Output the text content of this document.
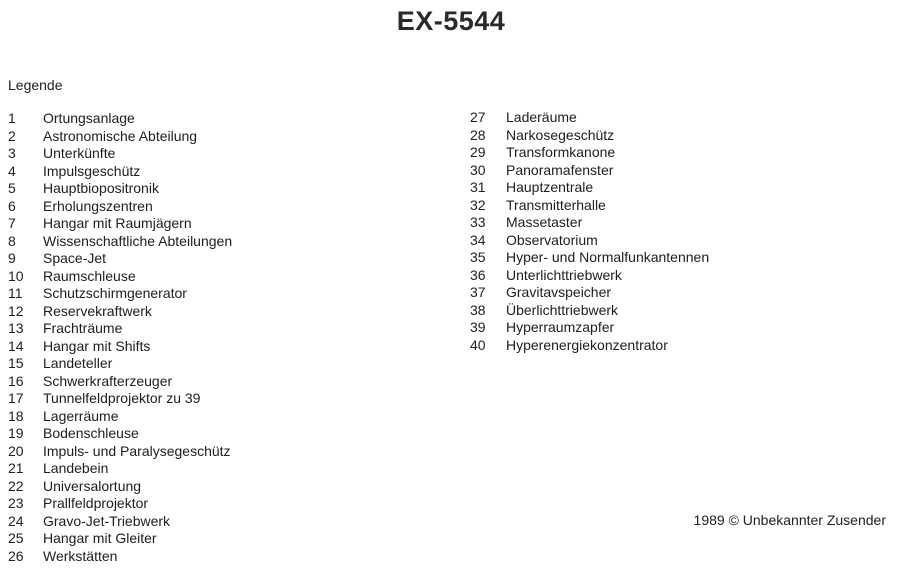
EX-5544
Legende
1	Ortungsanlage
2	Astronomische Abteilung
3	Unterkünfte
4	Impulsgeschütz
5	Hauptbiopositronik
6	Erholungszentren
7	Hangar mit Raumjägern
8	Wissenschaftliche Abteilungen
9	Space-Jet
10	Raumschleuse
11	Schutzschirmgenerator
12	Reservekraftwerk
13	Frachträume
14	Hangar mit Shifts
15	Landeteller
16	Schwerkrafterzeuger
17	Tunnelfeldprojektor zu 39
18	Lagerräume
19	Bodenschleuse
20	Impuls- und Paralysegeschütz
21	Landebein
22	Universalortung
23	Prallfeldprojektor
24	Gravo-Jet-Triebwerk
25	Hangar mit Gleiter
26	Werkstätten
27	Laderäume
28	Narkosegeschütz
29	Transformkanone
30	Panoramafenster
31	Hauptzentrale
32	Transmitterhalle
33	Massetaster
34	Observatorium
35	Hyper- und Normalfunkantennen
36	Unterlichttriebwerk
37	Gravitavspeicher
38	Überlichttriebwerk
39	Hyperraumzapfer
40	Hyperenergiekonzentrator
1989 © Unbekannter Zusender
